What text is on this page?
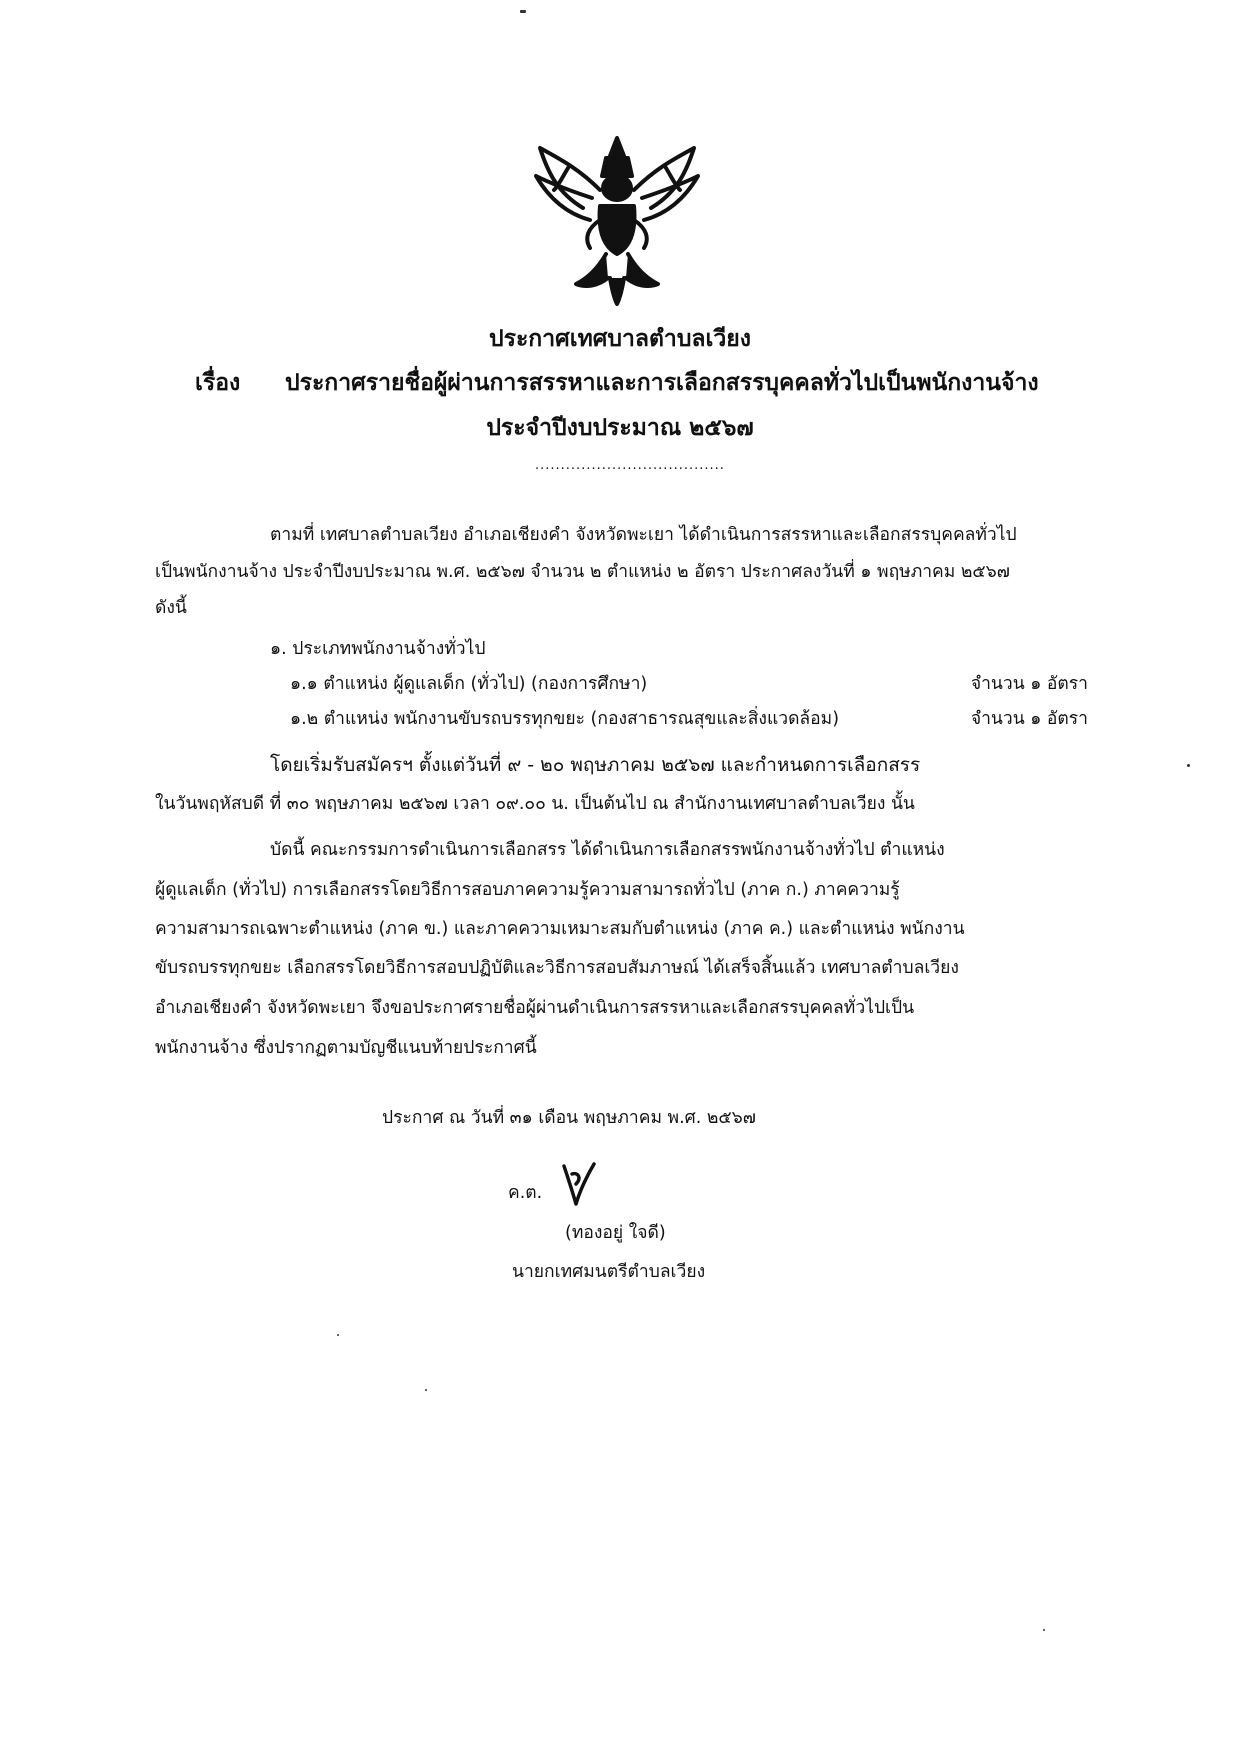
ประกาศเทศบาลตำบลเวียง
เรื่อง ประกาศรายชื่อผู้ผ่านการสรรหาและการเลือกสรรบุคคลทั่วไปเป็นพนักงานจ้าง
ประจำปีงบประมาณ ๒๕๖๗
.....................................
ตามที่ เทศบาลตำบลเวียง อำเภอเชียงคำ จังหวัดพะเยา ได้ดำเนินการสรรหาและเลือกสรรบุคคลทั่วไป
เป็นพนักงานจ้าง ประจำปีงบประมาณ พ.ศ. ๒๕๖๗ จำนวน ๒ ตำแหน่ง ๒ อัตรา ประกาศลงวันที่ ๑ พฤษภาคม ๒๕๖๗
ดังนี้
๑. ประเภทพนักงานจ้างทั่วไป
๑.๑ ตำแหน่ง ผู้ดูแลเด็ก (ทั่วไป) (กองการศึกษา)	จำนวน ๑ อัตรา
๑.๒ ตำแหน่ง พนักงานขับรถบรรทุกขยะ (กองสาธารณสุขและสิ่งแวดล้อม)	จำนวน ๑ อัตรา
โดยเริ่มรับสมัครฯ ตั้งแต่วันที่ ๙ - ๒๐ พฤษภาคม ๒๕๖๗ และกำหนดการเลือกสรร
ในวันพฤหัสบดี ที่ ๓๐ พฤษภาคม ๒๕๖๗ เวลา ๐๙.๐๐ น. เป็นต้นไป ณ สำนักงานเทศบาลตำบลเวียง นั้น
บัดนี้ คณะกรรมการดำเนินการเลือกสรร ได้ดำเนินการเลือกสรรพนักงานจ้างทั่วไป ตำแหน่ง
ผู้ดูแลเด็ก (ทั่วไป) การเลือกสรรโดยวิธีการสอบภาคความรู้ความสามารถทั่วไป (ภาค ก.) ภาคความรู้
ความสามารถเฉพาะตำแหน่ง (ภาค ข.) และภาคความเหมาะสมกับตำแหน่ง (ภาค ค.) และตำแหน่ง พนักงาน
ขับรถบรรทุกขยะ เลือกสรรโดยวิธีการสอบปฏิบัติและวิธีการสอบสัมภาษณ์ ได้เสร็จสิ้นแล้ว เทศบาลตำบลเวียง
อำเภอเชียงคำ จังหวัดพะเยา จึงขอประกาศรายชื่อผู้ผ่านดำเนินการสรรหาและเลือกสรรบุคคลทั่วไปเป็น
พนักงานจ้าง ซึ่งปรากฏตามบัญชีแนบท้ายประกาศนี้
ประกาศ ณ วันที่ ๓๑ เดือน พฤษภาคม พ.ศ. ๒๕๖๗
ค.ต.
(ทองอยู่ ใจดี)
นายกเทศมนตรีตำบลเวียง
